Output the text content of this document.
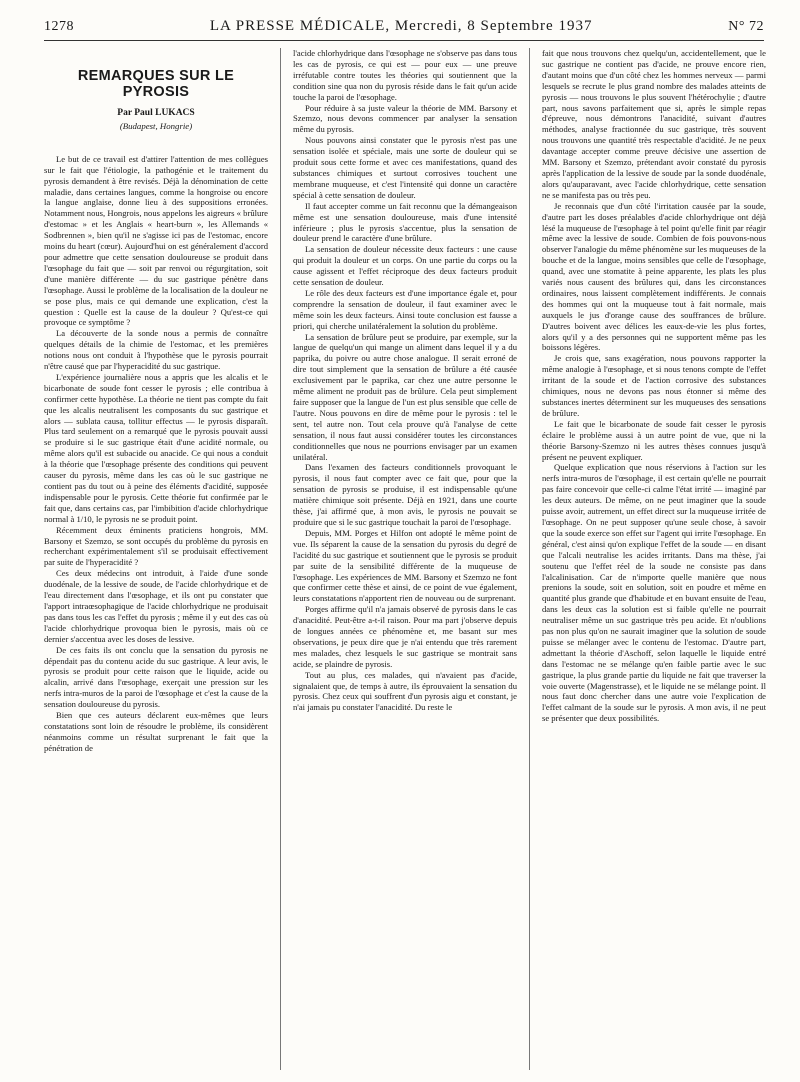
1278	LA PRESSE MÉDICALE, Mercredi, 8 Septembre 1937	N° 72
REMARQUES SUR LE PYROSIS
Par Paul LUKACS
(Budapest, Hongrie)

Le but de ce travail est d'attirer l'attention de mes collègues sur le fait que l'étiologie, la pathogénie et le traitement du pyrosis demandent à être revisés. Déjà la dénomination de cette maladie, dans certaines langues, comme la hongroise ou encore la langue anglaise, donne lieu à des suppositions erronées. Notamment nous, Hongrois, nous appelons les aigreurs « brûlure d'estomac » et les Anglais « heart-burn », les Allemands « Sodbrennen », bien qu'il ne s'agisse ici pas de l'estomac, encore moins du heart (cœur). Aujourd'hui on est généralement d'accord pour admettre que cette sensation douloureuse se produit dans l'œsophage du fait que — soit par renvoi ou régurgitation, soit d'une manière différente — du suc gastrique pénètre dans l'œsophage. Aussi le problème de la localisation de la douleur ne se pose plus, mais ce qui demande une explication, c'est la question : Quelle est la cause de la douleur ? Qu'est-ce qui provoque ce symptôme ?

La découverte de la sonde nous a permis de connaître quelques détails de la chimie de l'estomac, et les premières notions nous ont conduit à l'hypothèse que le pyrosis pourrait n'être causé que par l'hyperacidité du suc gastrique.

L'expérience journalière nous a appris que les alcalis et le bicarbonate de soude font cesser le pyrosis ; elle contribua à confirmer cette hypothèse. La théorie ne tient pas compte du fait que les alcalis neutralisent les composants du suc gastrique et alors — sublata causa, tollitur effectus — le pyrosis disparaît. Plus tard seulement on a remarqué que le pyrosis pouvait aussi se produire si le suc gastrique était d'une acidité normale, ou même alors qu'il est subacide ou anacide. Ce qui nous a conduit à la théorie que l'œsophage présente des conditions qui peuvent causer du pyrosis, même dans les cas où le suc gastrique ne contient pas du tout ou à peine des éléments d'acidité, supposée indispensable pour le pyrosis. Cette théorie fut confirmée par le fait que, dans certains cas, par l'imbibition d'acide chlorhydrique normal à 1/10, le pyrosis ne se produit point.

Récemment deux éminents praticiens hongrois, MM. Barsony et Szemzo, se sont occupés du problème du pyrosis en recherchant expérimentalement s'il se produisait effectivement par suite de l'hyperacidité ?

Ces deux médecins ont introduit, à l'aide d'une sonde duodénale, de la lessive de soude, de l'acide chlorhydrique et de l'eau directement dans l'œsophage, et ils ont pu constater que l'apport intraœsophagique de l'acide chlorhydrique ne produisait pas dans tous les cas l'effet du pyrosis ; même il y eut des cas où l'acide chlorhydrique provoqua bien le pyrosis, mais où ce dernier s'accentua avec les doses de lessive.

De ces faits ils ont conclu que la sensation du pyrosis ne dépendait pas du contenu acide du suc gastrique. A leur avis, le pyrosis se produit pour cette raison que le liquide, acide ou alcalin, arrivé dans l'œsophage, exerçait une pression sur les nerfs intra-muros de la paroi de l'œsophage et c'est la cause de la sensation douloureuse du pyrosis.

Bien que ces auteurs déclarent eux-mêmes que leurs constatations sont loin de résoudre le problème, ils considèrent néanmoins comme un résultat surprenant le fait que la pénétration de

l'acide chlorhydrique dans l'œsophage ne s'observe pas dans tous les cas de pyrosis, ce qui est — pour eux — une preuve irréfutable contre toutes les théories qui soutiennent que la condition sine qua non du pyrosis réside dans le fait qu'un acide touche la paroi de l'œsophage.

Pour réduire à sa juste valeur la théorie de MM. Barsony et Szemzo, nous devons commencer par analyser la sensation même du pyrosis.

Nous pouvons ainsi constater que le pyrosis n'est pas une sensation isolée et spéciale, mais une sorte de douleur qui se produit sous cette forme et avec ces manifestations, quand des substances chimiques et surtout corrosives touchent une membrane muqueuse, et c'est l'intensité qui donne un caractère spécial à cette sensation de douleur.

Il faut accepter comme un fait reconnu que la démangeaison même est une sensation douloureuse, mais d'une intensité inférieure ; plus le pyrosis s'accentue, plus la sensation de douleur prend le caractère d'une brûlure.

La sensation de douleur nécessite deux facteurs : une cause qui produit la douleur et un corps. On une partie du corps ou la cause agissent et l'effet réciproque des deux facteurs produit cette sensation de douleur.

Le rôle des deux facteurs est d'une importance égale et, pour comprendre la sensation de douleur, il faut examiner avec le même soin les deux facteurs. Ainsi toute conclusion est fausse a priori, qui cherche unilatéralement la solution du problème.

La sensation de brûlure peut se produire, par exemple, sur la langue de quelqu'un qui mange un aliment dans lequel il y a du paprika, du poivre ou autre chose analogue. Il serait erroné de dire tout simplement que la sensation de brûlure a été causée exclusivement par le paprika, car chez une autre personne le même aliment ne produit pas de brûlure. Cela peut simplement faire supposer que la langue de l'un est plus sensible que celle de l'autre. Nous pouvons en dire de même pour le pyrosis : tel le sent, tel autre non. Tout cela prouve qu'à l'analyse de cette sensation, il nous faut aussi considérer toutes les circonstances conditionnelles que nous ne pourrions envisager par un examen unilatéral.

Dans l'examen des facteurs conditionnels provoquant le pyrosis, il nous faut compter avec ce fait que, pour que la sensation de pyrosis se produise, il est indispensable qu'une matière chimique soit présente. Déjà en 1921, dans une courte thèse, j'ai affirmé que, à mon avis, le pyrosis ne pouvait se produire que si le suc gastrique touchait la paroi de l'œsophage.

Depuis, MM. Porges et Hilfon ont adopté le même point de vue. Ils séparent la cause de la sensation du pyrosis du degré de l'acidité du suc gastrique et soutiennent que le pyrosis se produit par suite de la sensibilité différente de la muqueuse de l'œsophage. Les expériences de MM. Barsony et Szemzo ne font que confirmer cette thèse et ainsi, de ce point de vue également, leurs constatations n'apportent rien de nouveau ou de surprenant.

Porges affirme qu'il n'a jamais observé de pyrosis dans le cas d'anacidité. Peut-être a-t-il raison. Pour ma part j'observe depuis de longues années ce phénomène et, me basant sur mes observations, je peux dire que je n'ai entendu que très rarement mes malades, chez lesquels le suc gastrique se montrait sans acide, se plaindre de pyrosis.

Tout au plus, ces malades, qui n'avaient pas d'acide, signalaient que, de temps à autre, ils éprouvaient la sensation du pyrosis. Chez ceux qui souffrent d'un pyrosis aigu et constant, je n'ai jamais pu constater l'anacidité. Du reste le

fait que nous trouvons chez quelqu'un, accidentellement, que le suc gastrique ne contient pas d'acide, ne prouve encore rien, d'autant moins que d'un côté chez les hommes nerveux — parmi lesquels se recrute le plus grand nombre des malades atteints de pyrosis — nous trouvons le plus souvent l'hétérochylie ; d'autre part, nous savons parfaitement que si, après le simple repas d'épreuve, nous démontrons l'anacidité, suivant d'autres méthodes, analyse fractionnée du suc gastrique, très souvent nous trouvons une quantité très respectable d'acidité. Je ne peux davantage accepter comme preuve décisive une assertion de MM. Barsony et Szemzo, prétendant avoir constaté du pyrosis après l'application de la lessive de soude par la sonde duodénale, alors qu'auparavant, avec l'acide chlorhydrique, cette sensation ne se manifesta pas ou très peu.

Je reconnais que d'un côté l'irritation causée par la soude, d'autre part les doses préalables d'acide chlorhydrique ont déjà lésé la muqueuse de l'œsophage à tel point qu'elle finit par réagir même avec la lessive de soude. Combien de fois pouvons-nous observer l'analogie du même phénomène sur les muqueuses de la bouche et de la langue, moins sensibles que celle de l'œsophage, quand, avec une stomatite à peine apparente, les plats les plus variés nous causent des brûlures qui, dans les circonstances ordinaires, nous laissent complètement indifférents. Je connais des hommes qui ont la muqueuse tout à fait normale, mais auxquels le jus d'orange cause des souffrances de brûlure. D'autres boivent avec délices les eaux-de-vie les plus fortes, alors qu'il y a des personnes qui ne supportent même pas les boissons légères.

Je crois que, sans exagération, nous pouvons rapporter la même analogie à l'œsophage, et si nous tenons compte de l'effet irritant de la soude et de l'action corrosive des substances chimiques, nous ne devons pas nous étonner si même des substances inertes déterminent sur les muqueuses des sensations de brûlure.

Le fait que le bicarbonate de soude fait cesser le pyrosis éclaire le problème aussi à un autre point de vue, que ni la théorie Barsony-Szemzo ni les autres thèses connues jusqu'à présent ne peuvent expliquer.

Quelque explication que nous réservions à l'action sur les nerfs intra-muros de l'œsophage, il est certain qu'elle ne pourrait pas faire concevoir que celle-ci calme l'état irrité — imaginé par les deux auteurs. De même, on ne peut imaginer que la soude puisse avoir, autrement, un effet direct sur la muqueuse irritée de l'œsophage. On ne peut supposer qu'une seule chose, à savoir que la soude exerce son effet sur l'agent qui irrite l'œsophage. En général, c'est ainsi qu'on explique l'effet de la soude — en disant que l'alcali neutralise les acides irritants. Dans ma thèse, j'ai soutenu que l'effet réel de la soude ne consiste pas dans l'alcalinisation. Car de n'importe quelle manière que nous prenions la soude, soit en solution, soit en poudre et même en quantité plus grande que d'habitude et en buvant ensuite de l'eau, dans les deux cas la solution est si faible qu'elle ne pourrait neutraliser même un suc gastrique très peu acide. Et n'oublions pas non plus qu'on ne saurait imaginer que la solution de soude puisse se mélanger avec le contenu de l'estomac. D'autre part, admettant la théorie d'Aschoff, selon laquelle le liquide entré dans l'estomac ne se mélange qu'en faible partie avec le suc gastrique, la plus grande partie du liquide ne fait que traverser la voie ouverte (Magenstrasse), et le liquide ne se mélange point. Il nous faut donc chercher dans une autre voie l'explication de l'effet calmant de la soude sur le pyrosis. A mon avis, il ne peut se présenter que deux possibilités.
